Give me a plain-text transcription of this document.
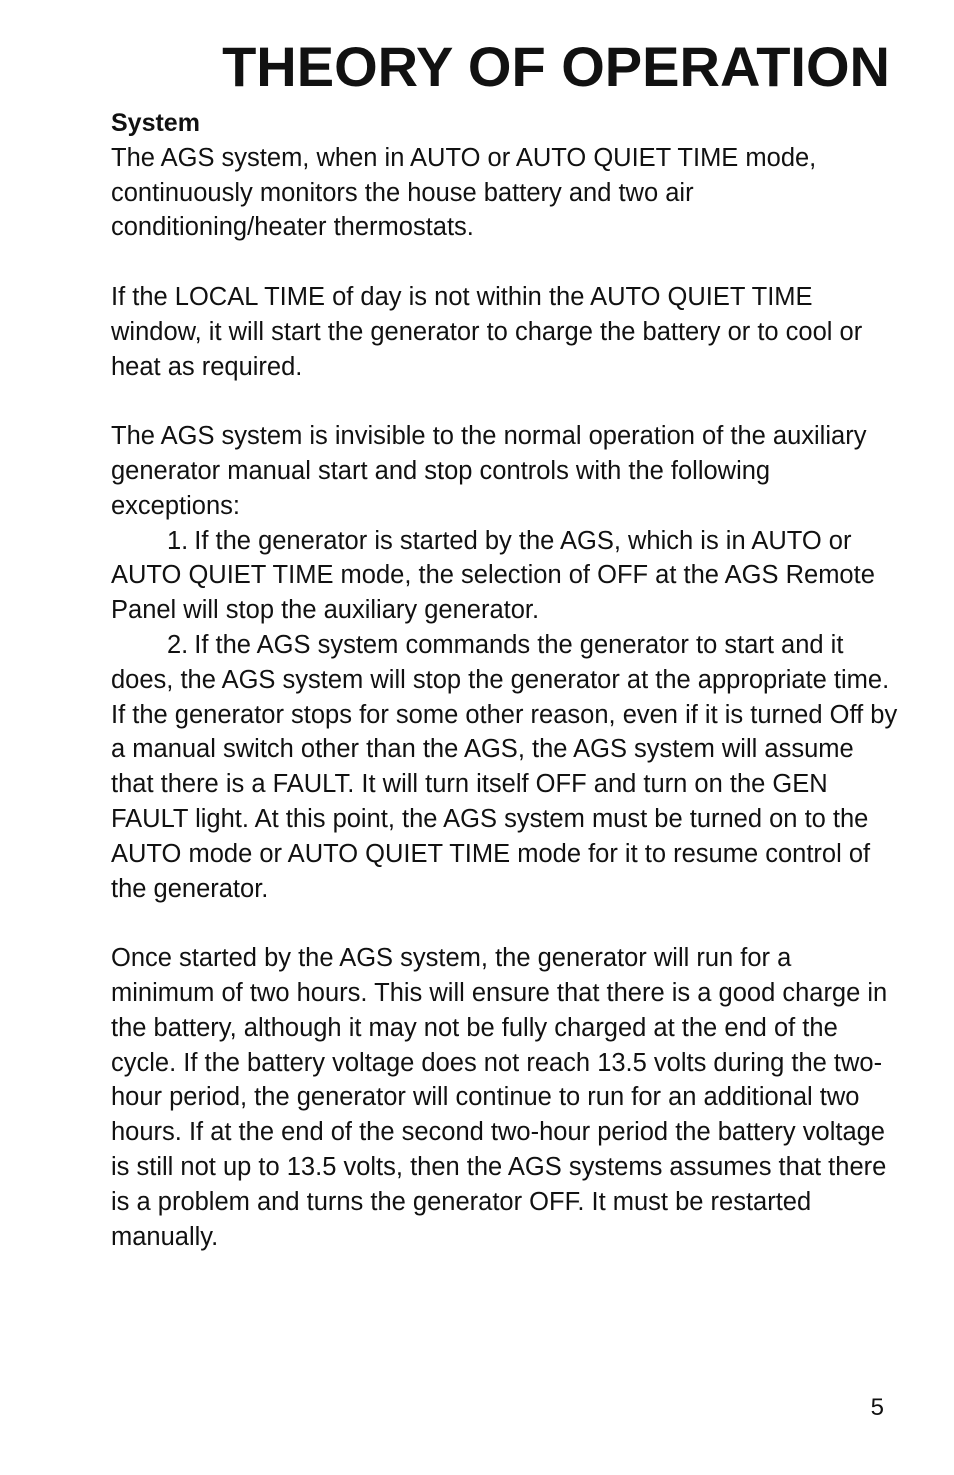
THEORY OF OPERATION

System

The AGS system, when in AUTO or AUTO QUIET TIME mode, continuously monitors the house battery and two air conditioning/heater thermostats.

If the LOCAL TIME of day is not within the AUTO QUIET TIME window, it will start the generator to charge the battery or to cool or heat as required.

The AGS system is invisible to the normal operation of the auxiliary generator manual start and stop controls with the following exceptions:

1. If the generator is started by the AGS, which is in AUTO or AUTO QUIET TIME mode, the selection of OFF at the AGS Remote Panel will stop the auxiliary generator.

2. If the AGS system commands the generator to start and it does, the AGS system will stop the generator at the appropriate time. If the generator stops for some other reason, even if it is turned Off by a manual switch other than the AGS, the AGS system will assume that there is a FAULT. It will turn itself OFF and turn on the GEN FAULT light. At this point, the AGS system must be turned on to the AUTO mode or AUTO QUIET TIME mode for it to resume control of the generator.

Once started by the AGS system, the generator will run for a minimum of two hours. This will ensure that there is a good charge in the battery, although it may not be fully charged at the end of the cycle. If the battery voltage does not reach 13.5 volts during the two-hour period, the generator will continue to run for an additional two hours. If at the end of the second two-hour period the battery voltage is still not up to 13.5 volts, then the AGS systems assumes that there is a problem and turns the generator OFF. It must be restarted manually.

5
